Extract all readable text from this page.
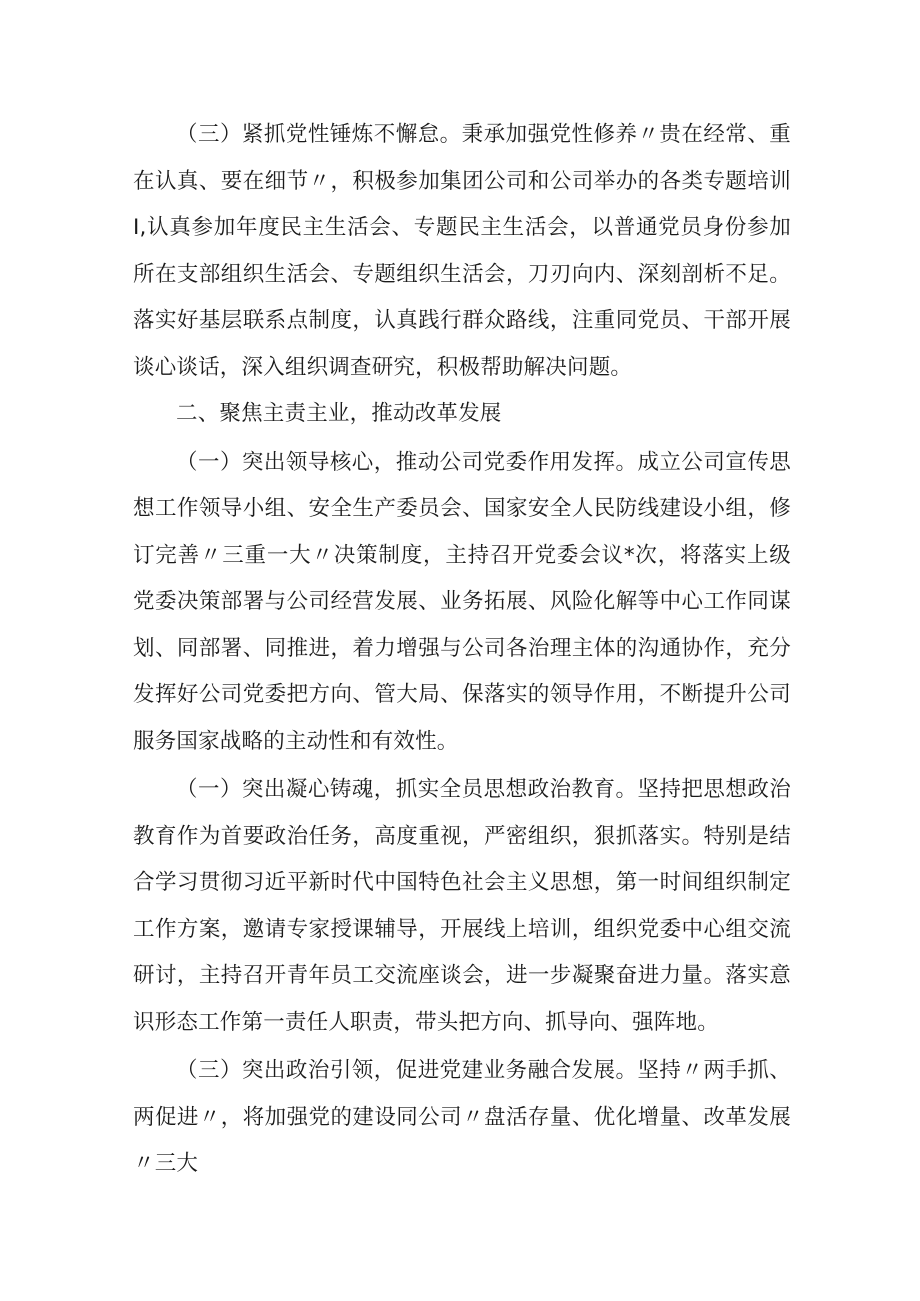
（三）紧抓党性锤炼不懈怠。秉承加强党性修养〃贵在经常、重在认真、要在细节〃，积极参加集团公司和公司举办的各类专题培训I,认真参加年度民主生活会、专题民主生活会，以普通党员身份参加所在支部组织生活会、专题组织生活会，刀刃向内、深刻剖析不足。落实好基层联系点制度，认真践行群众路线，注重同党员、干部开展谈心谈话，深入组织调查研究，积极帮助解决问题。

二、聚焦主责主业，推动改革发展

（一）突出领导核心，推动公司党委作用发挥。成立公司宣传思想工作领导小组、安全生产委员会、国家安全人民防线建设小组，修订完善〃三重一大〃决策制度，主持召开党委会议*次，将落实上级党委决策部署与公司经营发展、业务拓展、风险化解等中心工作同谋划、同部署、同推进，着力增强与公司各治理主体的沟通协作，充分发挥好公司党委把方向、管大局、保落实的领导作用，不断提升公司服务国家战略的主动性和有效性。

（一）突出凝心铸魂，抓实全员思想政治教育。坚持把思想政治教育作为首要政治任务，高度重视，严密组织，狠抓落实。特别是结合学习贯彻习近平新时代中国特色社会主义思想，第一时间组织制定工作方案，邀请专家授课辅导，开展线上培训，组织党委中心组交流研讨，主持召开青年员工交流座谈会，进一步凝聚奋进力量。落实意识形态工作第一责任人职责，带头把方向、抓导向、强阵地。

（三）突出政治引领，促进党建业务融合发展。坚持〃两手抓、两促进〃，将加强党的建设同公司〃盘活存量、优化增量、改革发展〃三大
